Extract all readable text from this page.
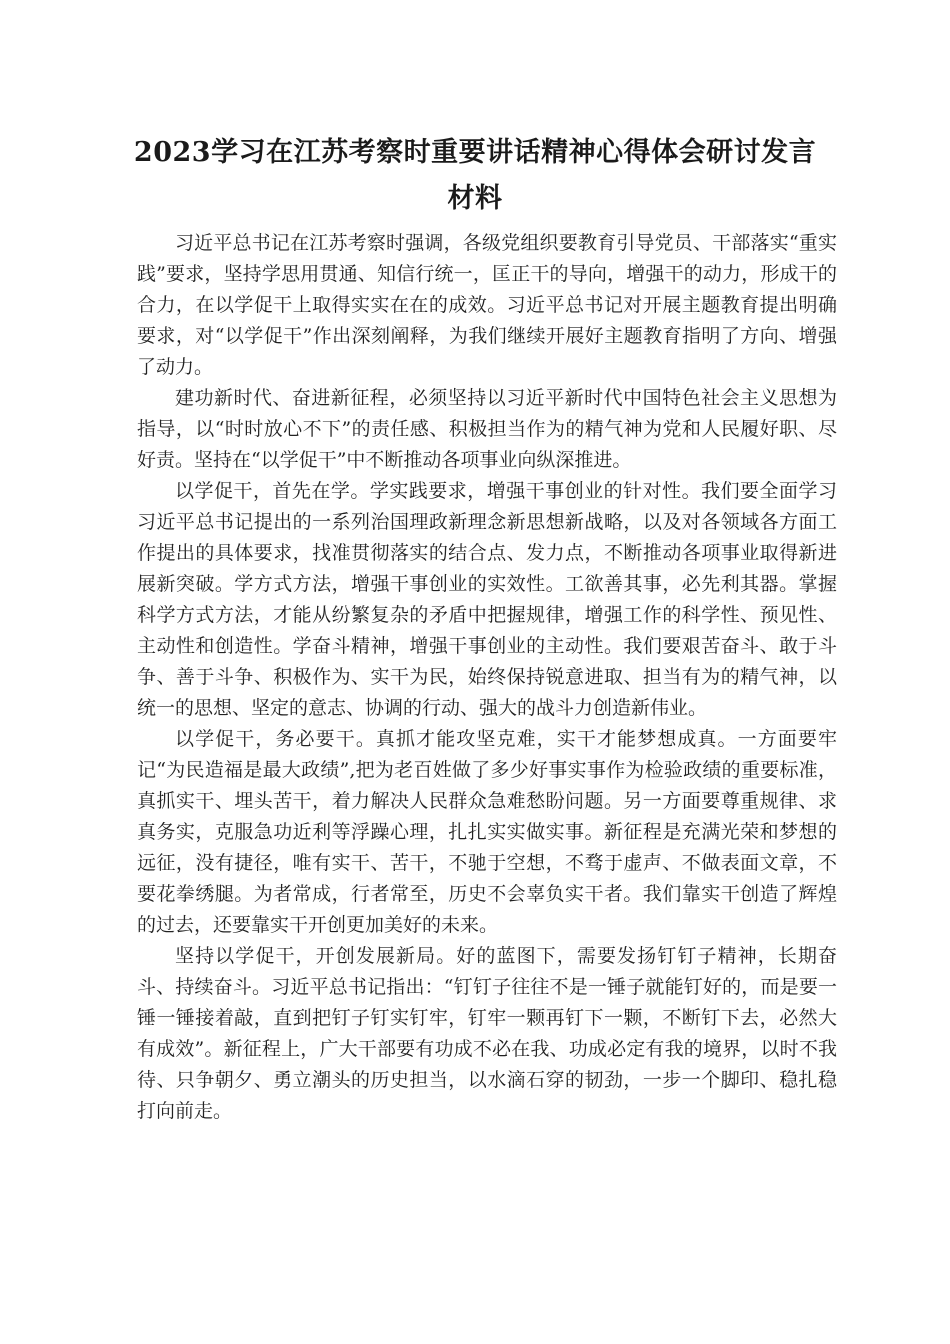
2023学习在江苏考察时重要讲话精神心得体会研讨发言
材料

习近平总书记在江苏考察时强调，各级党组织要教育引导党员、干部落实“重实践”要求，坚持学思用贯通、知信行统一，匡正干的导向，增强干的动力，形成干的合力，在以学促干上取得实实在在的成效。习近平总书记对开展主题教育提出明确要求，对“以学促干”作出深刻阐释，为我们继续开展好主题教育指明了方向、增强了动力。

建功新时代、奋进新征程，必须坚持以习近平新时代中国特色社会主义思想为指导，以“时时放心不下”的责任感、积极担当作为的精气神为党和人民履好职、尽好责。坚持在“以学促干”中不断推动各项事业向纵深推进。

以学促干，首先在学。学实践要求，增强干事创业的针对性。我们要全面学习习近平总书记提出的一系列治国理政新理念新思想新战略，以及对各领域各方面工作提出的具体要求，找准贯彻落实的结合点、发力点，不断推动各项事业取得新进展新突破。学方式方法，增强干事创业的实效性。工欲善其事，必先利其器。掌握科学方式方法，才能从纷繁复杂的矛盾中把握规律，增强工作的科学性、预见性、主动性和创造性。学奋斗精神，增强干事创业的主动性。我们要艰苦奋斗、敢于斗争、善于斗争、积极作为、实干为民，始终保持锐意进取、担当有为的精气神，以统一的思想、坚定的意志、协调的行动、强大的战斗力创造新伟业。

以学促干，务必要干。真抓才能攻坚克难，实干才能梦想成真。一方面要牢记“为民造福是最大政绩”,把为老百姓做了多少好事实事作为检验政绩的重要标准，真抓实干、埋头苦干，着力解决人民群众急难愁盼问题。另一方面要尊重规律、求真务实，克服急功近利等浮躁心理，扎扎实实做实事。新征程是充满光荣和梦想的远征，没有捷径，唯有实干、苦干，不驰于空想，不骛于虚声、不做表面文章，不要花拳绣腿。为者常成，行者常至，历史不会辜负实干者。我们靠实干创造了辉煌的过去，还要靠实干开创更加美好的未来。

坚持以学促干，开创发展新局。好的蓝图下，需要发扬钉钉子精神，长期奋斗、持续奋斗。习近平总书记指出：“钉钉子往往不是一锤子就能钉好的，而是要一锤一锤接着敲，直到把钉子钉实钉牢，钉牢一颗再钉下一颗，不断钉下去，必然大有成效”。新征程上，广大干部要有功成不必在我、功成必定有我的境界，以时不我待、只争朝夕、勇立潮头的历史担当，以水滴石穿的韧劲，一步一个脚印、稳扎稳打向前走。
